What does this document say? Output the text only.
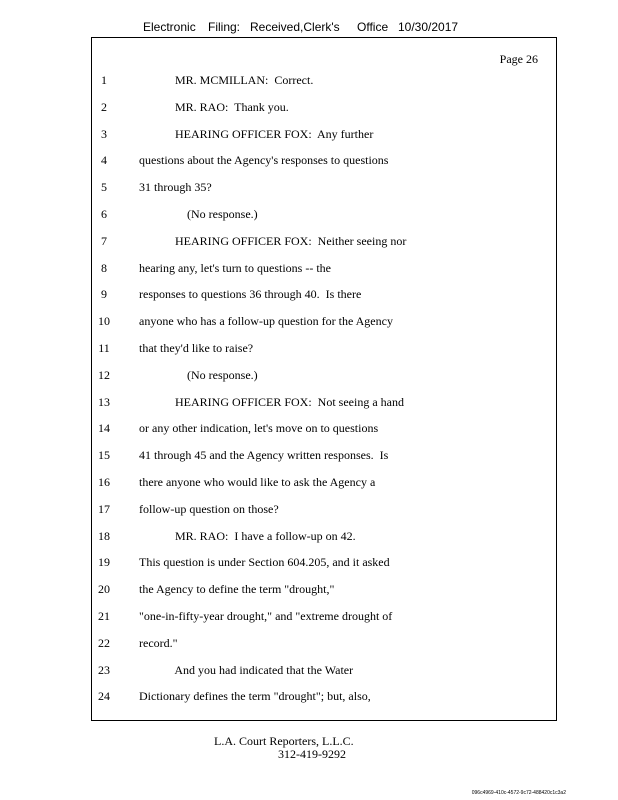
Electronic Filing: Received,Clerk's Office 10/30/2017
Page 26
1	MR. MCMILLAN:  Correct.
2	MR. RAO:  Thank you.
3	HEARING OFFICER FOX:  Any further
4	questions about the Agency's responses to questions
5	31 through 35?
6	(No response.)
7	HEARING OFFICER FOX:  Neither seeing nor
8	hearing any, let's turn to questions -- the
9	responses to questions 36 through 40.  Is there
10	anyone who has a follow-up question for the Agency
11	that they'd like to raise?
12	(No response.)
13	HEARING OFFICER FOX:  Not seeing a hand
14	or any other indication, let's move on to questions
15	41 through 45 and the Agency written responses.  Is
16	there anyone who would like to ask the Agency a
17	follow-up question on those?
18	MR. RAO:  I have a follow-up on 42.
19	This question is under Section 604.205, and it asked
20	the Agency to define the term "drought,"
21	"one-in-fifty-year drought," and "extreme drought of
22	record."
23	And you had indicated that the Water
24	Dictionary defines the term "drought"; but, also,
L.A. Court Reporters, L.L.C.
312-419-9292
096c4969-410c-4572-9c72-488420c1c3a2
